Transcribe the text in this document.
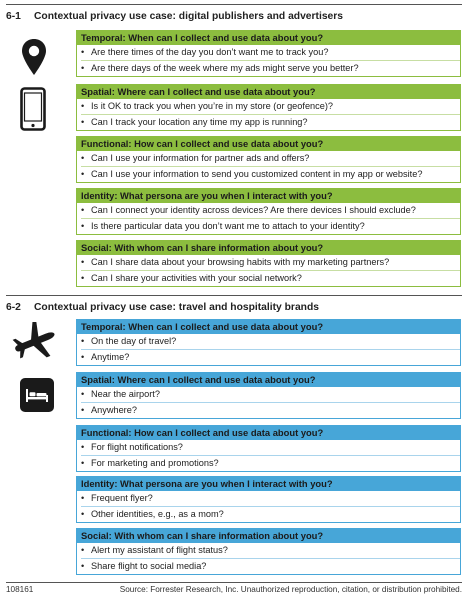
6-1 Contextual privacy use case: digital publishers and advertisers
Temporal: When can I collect and use data about you?
• Are there times of the day you don’t want me to track you?
• Are there days of the week where my ads might serve you better?
Spatial: Where can I collect and use data about you?
• Is it OK to track you when you’re in my store (or geofence)?
• Can I track your location any time my app is running?
Functional: How can I collect and use data about you?
• Can I use your information for partner ads and offers?
• Can I use your information to send you customized content in my app or website?
Identity: What persona are you when I interact with you?
• Can I connect your identity across devices? Are there devices I should exclude?
• Is there particular data you don’t want me to attach to your identity?
Social: With whom can I share information about you?
• Can I share data about your browsing habits with my marketing partners?
• Can I share your activities with your social network?
6-2 Contextual privacy use case: travel and hospitality brands
Temporal: When can I collect and use data about you?
• On the day of travel?
• Anytime?
Spatial: Where can I collect and use data about you?
• Near the airport?
• Anywhere?
Functional: How can I collect and use data about you?
• For flight notifications?
• For marketing and promotions?
Identity: What persona are you when I interact with you?
• Frequent flyer?
• Other identities, e.g., as a mom?
Social: With whom can I share information about you?
• Alert my assistant of flight status?
• Share flight to social media?
108161	Source: Forrester Research, Inc. Unauthorized reproduction, citation, or distribution prohibited.
